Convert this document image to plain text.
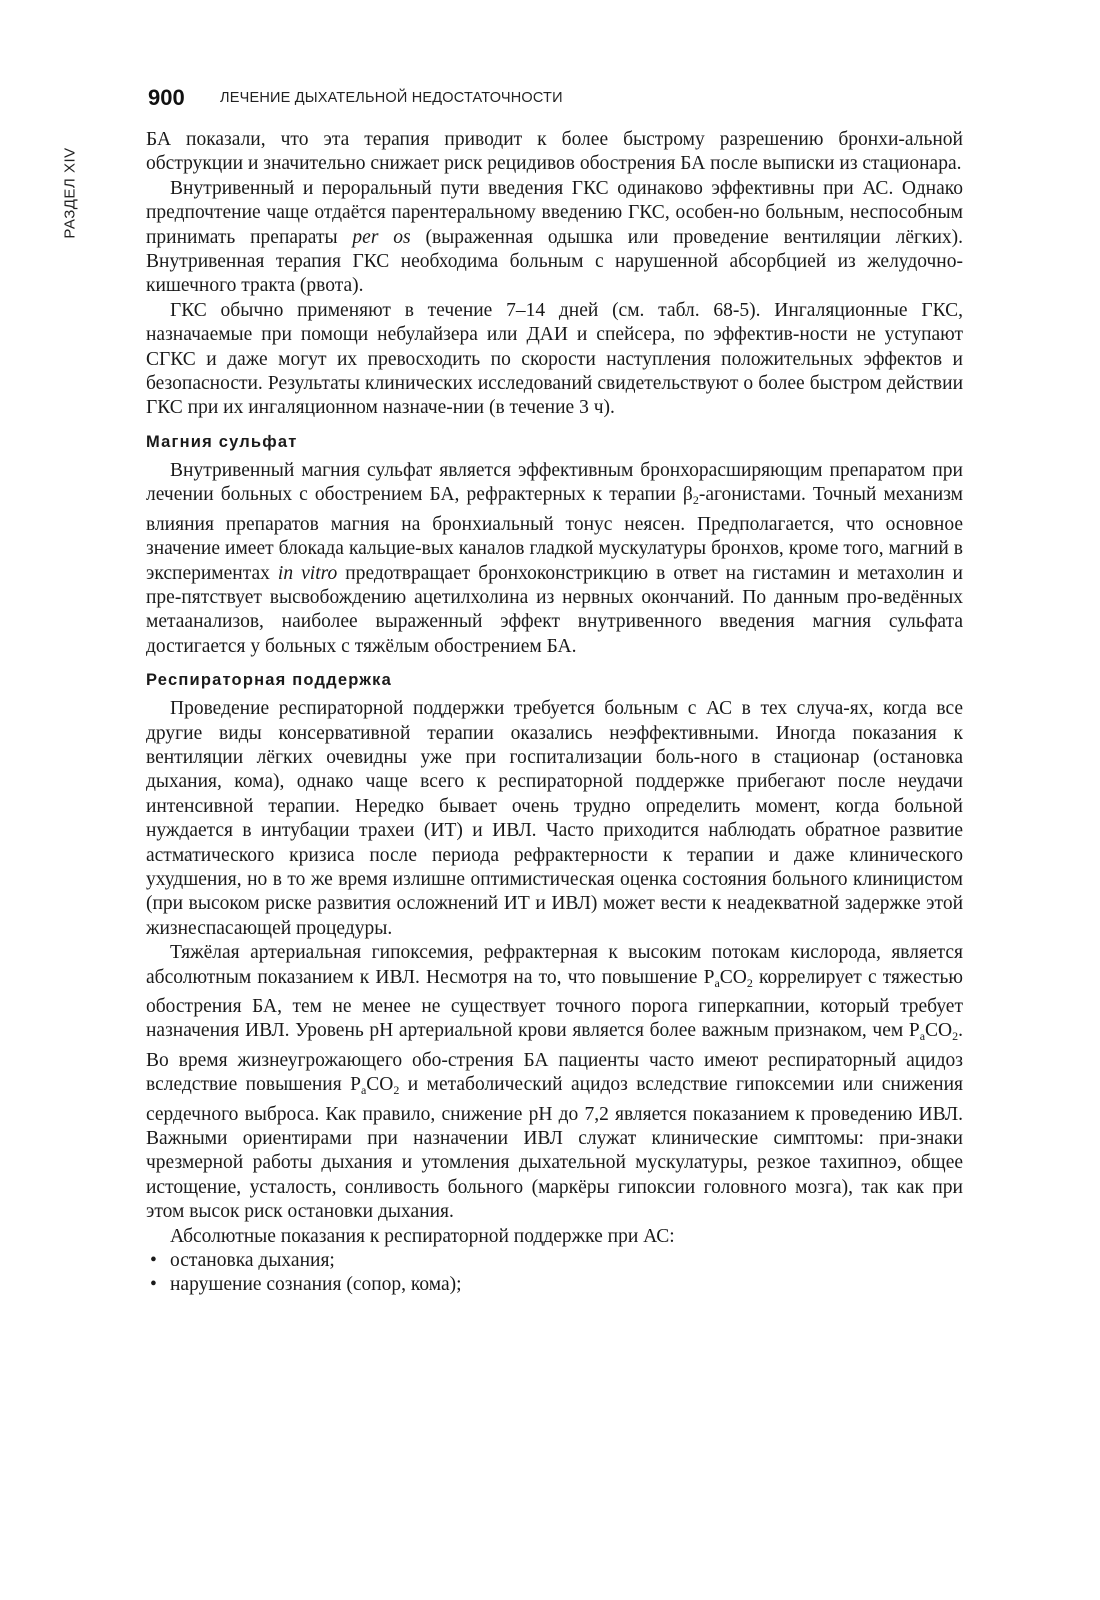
РАЗДЕЛ XIV
900 ЛЕЧЕНИЕ ДЫХАТЕЛЬНОЙ НЕДОСТАТОЧНОСТИ

БА показали, что эта терапия приводит к более быстрому разрешению бронхи-альной обструкции и значительно снижает риск рецидивов обострения БА после выписки из стационара.

Внутривенный и пероральный пути введения ГКС одинаково эффективны при АС. Однако предпочтение чаще отдаётся парентеральному введению ГКС, особен-но больным, неспособным принимать препараты per os (выраженная одышка или проведение вентиляции лёгких). Внутривенная терапия ГКС необходима больным с нарушенной абсорбцией из желудочно-кишечного тракта (рвота).

ГКС обычно применяют в течение 7–14 дней (см. табл. 68-5). Ингаляционные ГКС, назначаемые при помощи небулайзера или ДАИ и спейсера, по эффектив-ности не уступают СГКС и даже могут их превосходить по скорости наступления положительных эффектов и безопасности. Результаты клинических исследований свидетельствуют о более быстром действии ГКС при их ингаляционном назначе-нии (в течение 3 ч).

Магния сульфат

Внутривенный магния сульфат является эффективным бронхорасширяющим препаратом при лечении больных с обострением БА, рефрактерных к терапии $\beta_2$-агонистами. Точный механизм влияния препаратов магния на бронхиальный тонус неясен. Предполагается, что основное значение имеет блокада кальцие-вых каналов гладкой мускулатуры бронхов, кроме того, магний в экспериментах in vitro предотвращает бронхоконстрикцию в ответ на гистамин и метахолин и пре-пятствует высвобождению ацетилхолина из нервных окончаний. По данным про-ведённых метаанализов, наиболее выраженный эффект внутривенного введения магния сульфата достигается у больных с тяжёлым обострением БА.

Респираторная поддержка

Проведение респираторной поддержки требуется больным с АС в тех случа-ях, когда все другие виды консервативной терапии оказались неэффективными. Иногда показания к вентиляции лёгких очевидны уже при госпитализации боль-ного в стационар (остановка дыхания, кома), однако чаще всего к респираторной поддержке прибегают после неудачи интенсивной терапии. Нередко бывает очень трудно определить момент, когда больной нуждается в интубации трахеи (ИТ) и ИВЛ. Часто приходится наблюдать обратное развитие астматического кризиса после периода рефрактерности к терапии и даже клинического ухудшения, но в то же время излишне оптимистическая оценка состояния больного клиницистом (при высоком риске развития осложнений ИТ и ИВЛ) может вести к неадекватной задержке этой жизнеспасающей процедуры.

Тяжёлая артериальная гипоксемия, рефрактерная к высоким потокам кислорода, является абсолютным показанием к ИВЛ. Несмотря на то, что повышение $P_aCO_2$ коррелирует с тяжестью обострения БА, тем не менее не существует точного порога гиперкапнии, который требует назначения ИВЛ. Уровень pH артериальной крови является более важным признаком, чем $P_aCO_2$. Во время жизнеугрожающего обо-стрения БА пациенты часто имеют респираторный ацидоз вследствие повышения $P_aCO_2$ и метаболический ацидоз вследствие гипоксемии или снижения сердечного выброса. Как правило, снижение pH до 7,2 является показанием к проведению ИВЛ. Важными ориентирами при назначении ИВЛ служат клинические симптомы: при-знаки чрезмерной работы дыхания и утомления дыхательной мускулатуры, резкое тахипноэ, общее истощение, усталость, сонливость больного (маркёры гипоксии головного мозга), так как при этом высок риск остановки дыхания.

Абсолютные показания к респираторной поддержке при АС:

• остановка дыхания;
• нарушение сознания (сопор, кома);
